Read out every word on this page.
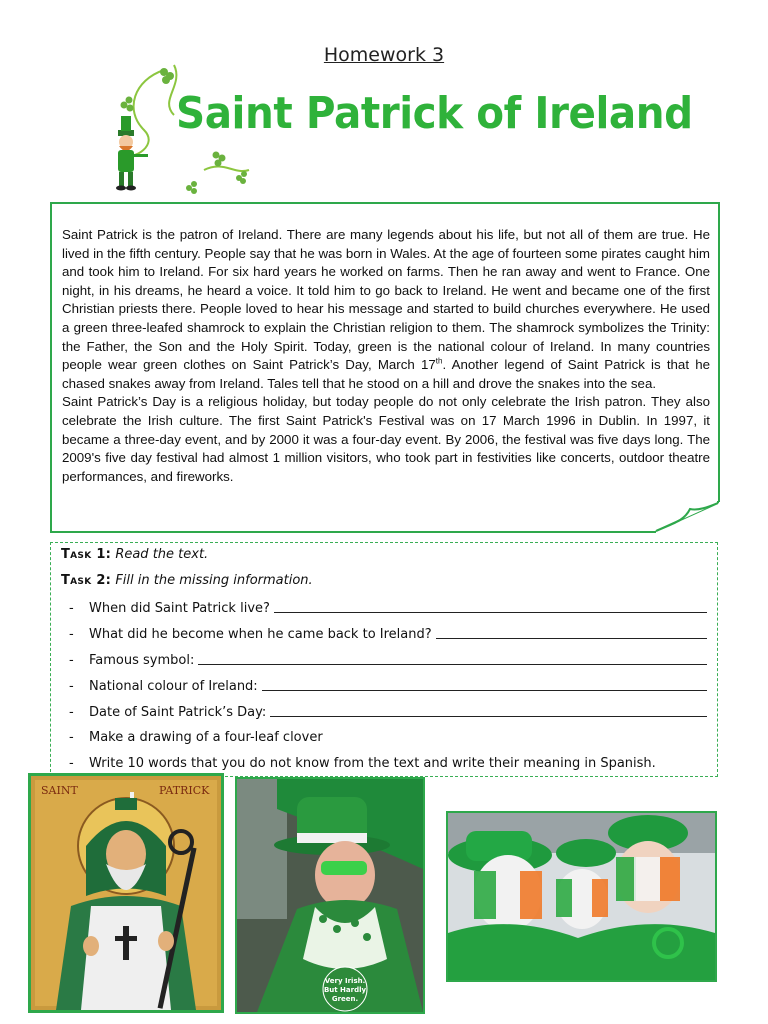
Homework 3
Saint Patrick of Ireland

Saint Patrick is the patron of Ireland. There are many legends about his life, but not all of them are true. He lived in the fifth century. People say that he was born in Wales. At the age of fourteen some pirates caught him and took him to Ireland. For six hard years he worked on farms. Then he ran away and went to France. One night, in his dreams, he heard a voice. It told him to go back to Ireland. He went and became one of the first Christian priests there. People loved to hear his message and started to build churches everywhere. He used a green three-leafed shamrock to explain the Christian religion to them. The shamrock symbolizes the Trinity: the Father, the Son and the Holy Spirit. Today, green is the national colour of Ireland. In many countries people wear green clothes on Saint Patrick’s Day, March 17th. Another legend of Saint Patrick is that he chased snakes away from Ireland. Tales tell that he stood on a hill and drove the snakes into the sea.

Saint Patrick’s Day is a religious holiday, but today people do not only celebrate the Irish patron. They also celebrate the Irish culture. The first Saint Patrick's Festival was on 17 March 1996 in Dublin. In 1997, it became a three-day event, and by 2000 it was a four-day event. By 2006, the festival was five days long. The 2009's five day festival had almost 1 million visitors, who took part in festivities like concerts, outdoor theatre performances, and fireworks.

Task 1: Read the text.
Task 2: Fill in the missing information.
-	When did Saint Patrick live?
-	What did he become when he came back to Ireland?
-	Famous symbol:
-	National colour of Ireland:
-	Date of Saint Patrick’s Day:
-	Make a drawing of a four-leaf clover
-	Write 10 words that you do not know from the text and write their meaning in Spanish.
SAINT	PATRICK
Very Irish.
But Hardly
Green.
